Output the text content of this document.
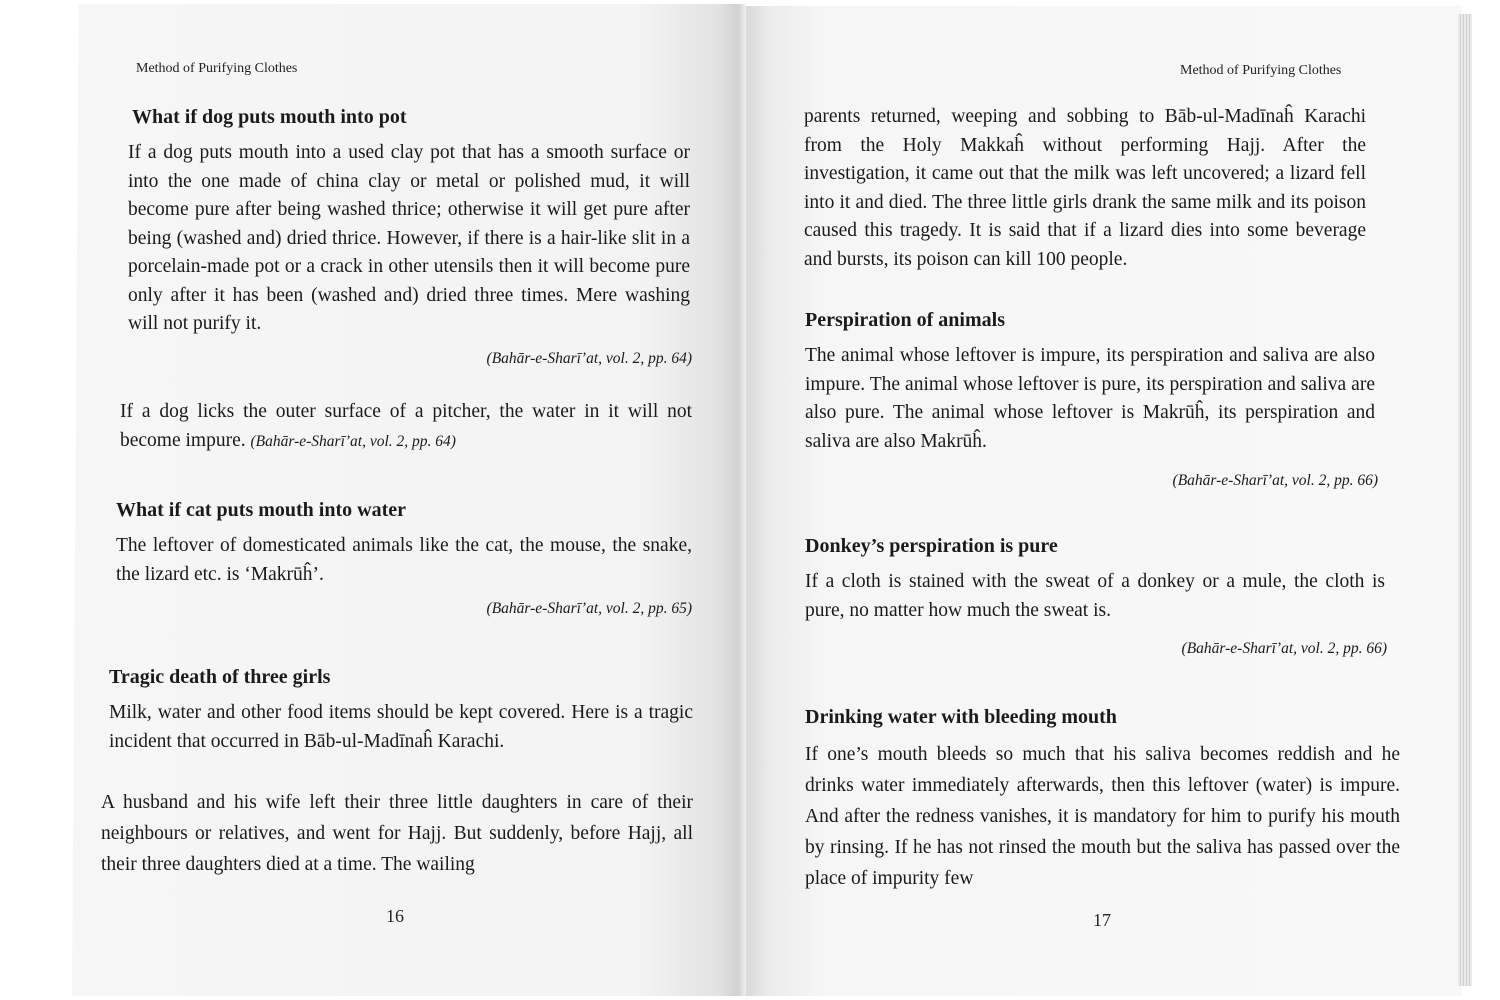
Method of Purifying Clothes
What if dog puts mouth into pot

If a dog puts mouth into a used clay pot that has a smooth surface or into the one made of china clay or metal or polished mud, it will become pure after being washed thrice; otherwise it will get pure after being (washed and) dried thrice. However, if there is a hair-like slit in a porcelain-made pot or a crack in other utensils then it will become pure only after it has been (washed and) dried three times. Mere washing will not purify it.

(Bahār-e-Sharī’at, vol. 2, pp. 64)

If a dog licks the outer surface of a pitcher, the water in it will not become impure. (Bahār-e-Sharī’at, vol. 2, pp. 64)

What if cat puts mouth into water

The leftover of domesticated animals like the cat, the mouse, the snake, the lizard etc. is ‘Makrūĥ’.

(Bahār-e-Sharī’at, vol. 2, pp. 65)

Tragic death of three girls

Milk, water and other food items should be kept covered. Here is a tragic incident that occurred in Bāb-ul-Madīnaĥ Karachi.

A husband and his wife left their three little daughters in care of their neighbours or relatives, and went for Hajj. But suddenly, before Hajj, all their three daughters died at a time. The wailing

16
Method of Purifying Clothes

parents returned, weeping and sobbing to Bāb-ul-Madīnaĥ Karachi from the Holy Makkaĥ without performing Hajj. After the investigation, it came out that the milk was left uncovered; a lizard fell into it and died. The three little girls drank the same milk and its poison caused this tragedy. It is said that if a lizard dies into some beverage and bursts, its poison can kill 100 people.

Perspiration of animals

The animal whose leftover is impure, its perspiration and saliva are also impure. The animal whose leftover is pure, its perspiration and saliva are also pure. The animal whose leftover is Makrūĥ, its perspiration and saliva are also Makrūĥ.

(Bahār-e-Sharī’at, vol. 2, pp. 66)

Donkey’s perspiration is pure

If a cloth is stained with the sweat of a donkey or a mule, the cloth is pure, no matter how much the sweat is.

(Bahār-e-Sharī’at, vol. 2, pp. 66)

Drinking water with bleeding mouth

If one’s mouth bleeds so much that his saliva becomes reddish and he drinks water immediately afterwards, then this leftover (water) is impure. And after the redness vanishes, it is mandatory for him to purify his mouth by rinsing. If he has not rinsed the mouth but the saliva has passed over the place of impurity few

17
